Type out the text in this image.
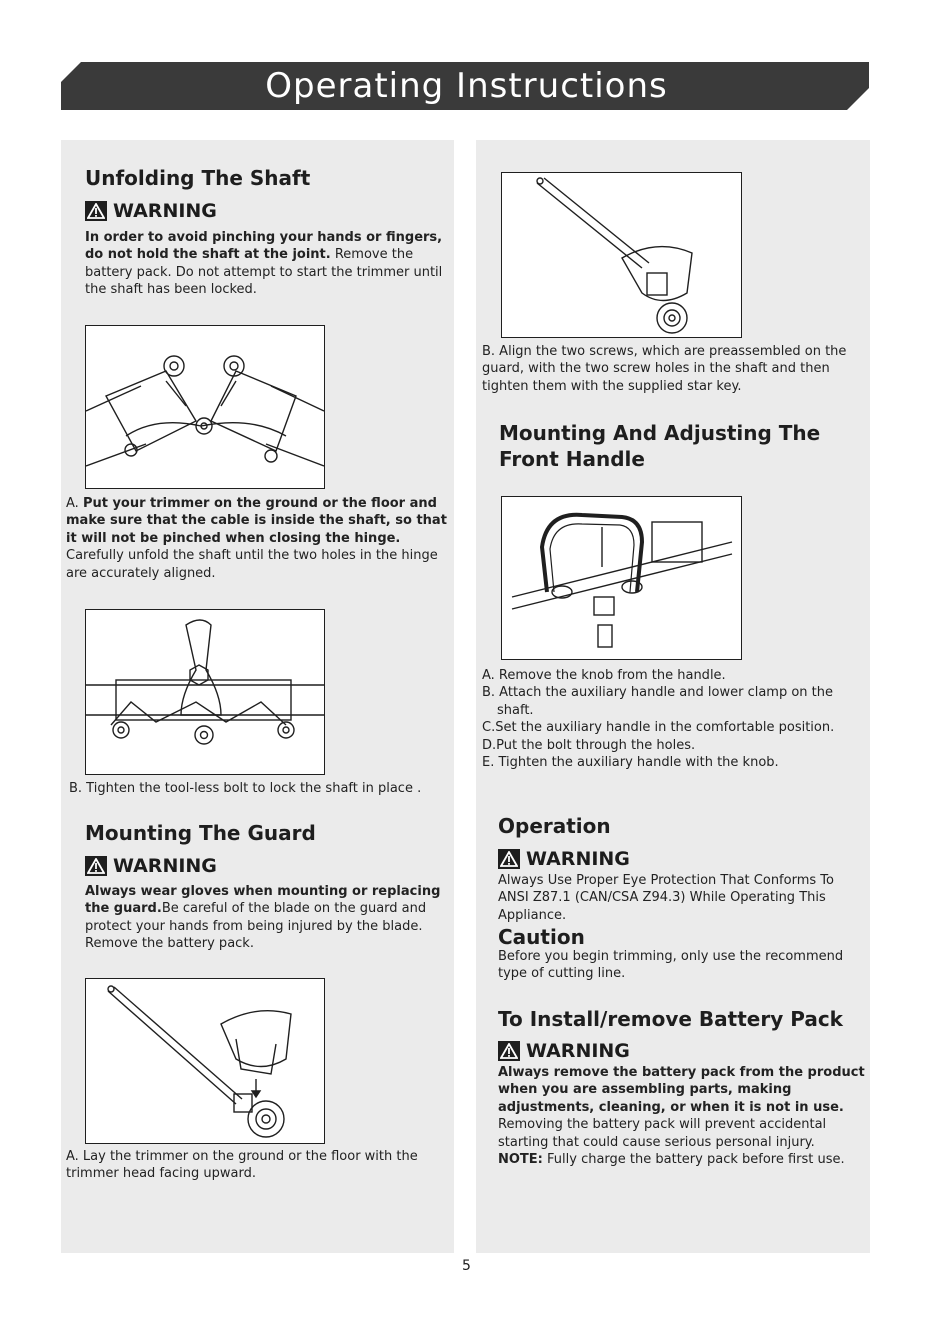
Operating Instructions
Unfolding The Shaft
WARNING
In order to avoid pinching your hands or fingers, do not hold the shaft at the joint. Remove the battery pack. Do not attempt to start the trimmer until the shaft has been locked.
A. Put your trimmer on the ground or the floor and make sure that the cable is inside the shaft, so that it will not be pinched when closing the hinge. Carefully unfold the shaft until the two holes in the hinge are accurately aligned.
B. Tighten the tool-less bolt to lock the shaft in place .
Mounting The Guard
WARNING
Always wear gloves when mounting or replacing the guard.Be careful of the blade on the guard and protect your hands from being injured by the blade. Remove the battery pack.
A. Lay the trimmer on the ground or the floor with the trimmer head facing upward.
B. Align the two screws, which are preassembled on the guard, with the two screw holes in the shaft and then tighten them with the supplied star key.
Mounting And Adjusting The
Front Handle
A. Remove the knob from the handle.
B. Attach the auxiliary handle and lower clamp on the shaft.
C.Set the auxiliary handle in the comfortable position.
D.Put the bolt through the holes.
E. Tighten the auxiliary handle with the knob.
Operation
WARNING
Always Use Proper Eye Protection That Conforms To ANSI Z87.1 (CAN/CSA Z94.3) While Operating This Appliance.
Caution
Before you begin trimming, only use the recommend type of cutting line.
To Install/remove Battery Pack
WARNING
Always remove the battery pack from the product when you are assembling parts, making adjustments, cleaning, or when it is not in use. Removing the battery pack will prevent accidental starting that could cause serious personal injury.
NOTE: Fully charge the battery pack before first use.
5
